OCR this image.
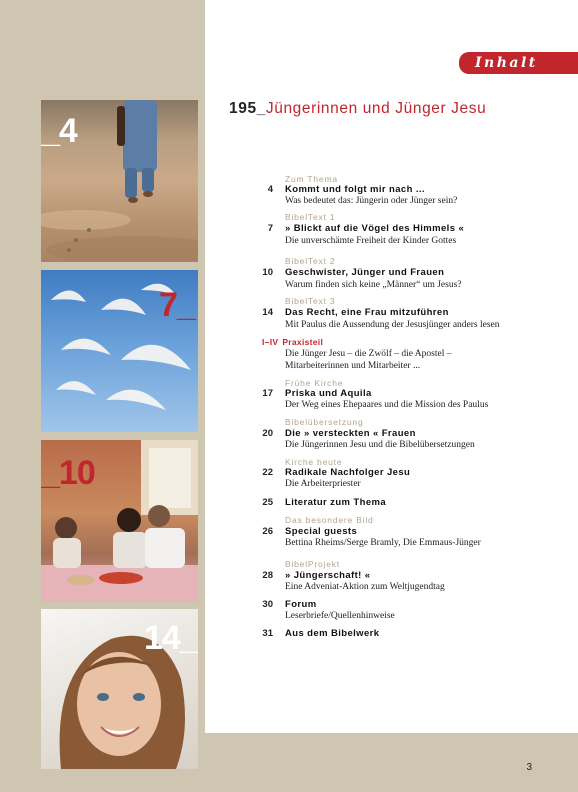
Inhalt
195_Jüngerinnen und Jünger Jesu
_4
7_
_10
14_
Zum Thema
4 Kommt und folgt mir nach ...
Was bedeutet das: Jüngerin oder Jünger sein?
BibelText 1
7 » Blickt auf die Vögel des Himmels «
Die unverschämte Freiheit der Kinder Gottes
BibelText 2
10 Geschwister, Jünger und Frauen
Warum finden sich keine „Männer“ um Jesus?
BibelText 3
14 Das Recht, eine Frau mitzuführen
Mit Paulus die Aussendung der Jesusjünger anders lesen
I–IV Praxisteil
Die Jünger Jesu – die Zwölf – die Apostel –
Mitarbeiterinnen und Mitarbeiter ...
Frühe Kirche
17 Priska und Aquila
Der Weg eines Ehepaares und die Mission des Paulus
Bibelübersetzung
20 Die » versteckten « Frauen
Die Jüngerinnen Jesu und die Bibelübersetzungen
Kirche heute
22 Radikale Nachfolger Jesu
Die Arbeiterpriester
25 Literatur zum Thema
Das besondere Bild
26 Special guests
Bettina Rheims/Serge Bramly, Die Emmaus-Jünger
BibelProjekt
28 » Jüngerschaft! «
Eine Adveniat-Aktion zum Weltjugendtag
30 Forum
Leserbriefe/Quellenhinweise
31 Aus dem Bibelwerk
3
